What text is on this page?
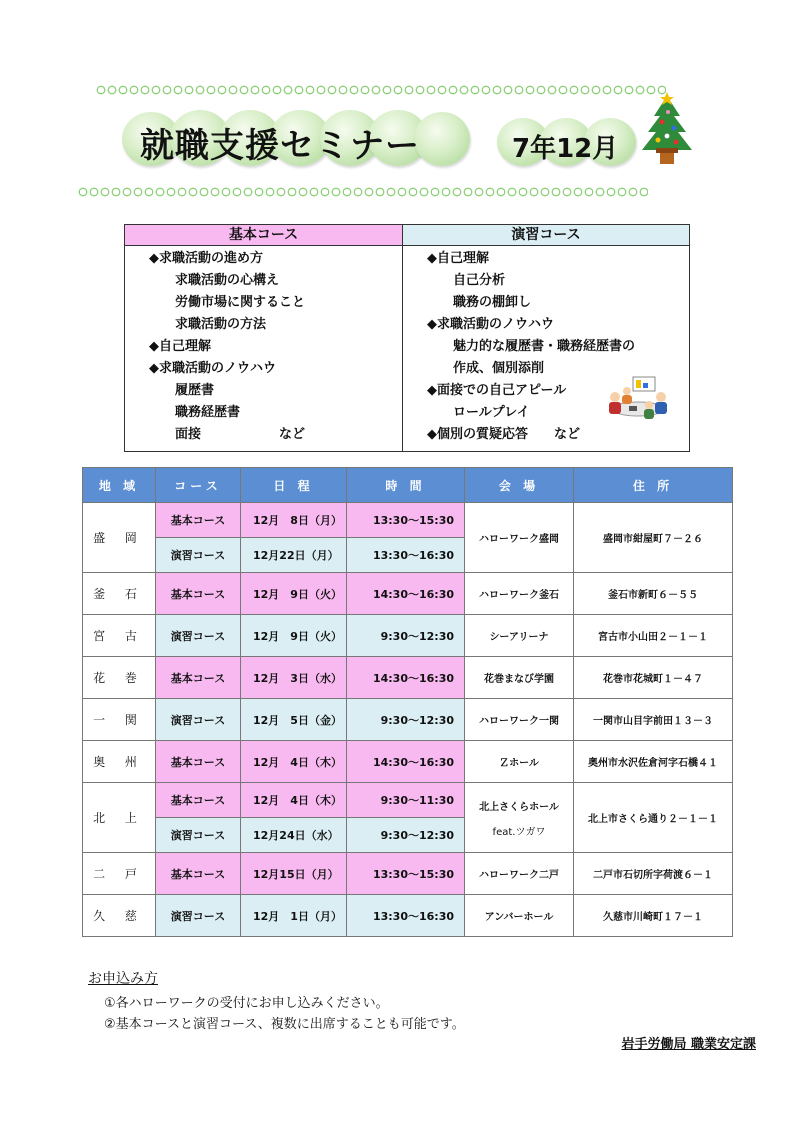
就職支援セミナー	7年12月
基本コース
◆求職活動の進め方
求職活動の心構え
労働市場に関すること
求職活動の方法
◆自己理解
◆求職活動のノウハウ
履歴書
職務経歴書
面接　　　　　　など
演習コース
◆自己理解
自己分析
職務の棚卸し
◆求職活動のノウハウ
魅力的な履歴書・職務経歴書の
作成、個別添削
◆面接での自己アピール
ロールプレイ
◆個別の質疑応答　　など
地 域	コース	日 程	時 間	会 場	住 所
盛 岡	基本コース	12月　8日（月）	13:30～15:30	ハローワーク盛岡	盛岡市紺屋町７－２６
	演習コース	12月22日（月）	13:30～16:30		
釜 石	基本コース	12月　9日（火）	14:30～16:30	ハローワーク釜石	釜石市新町６－５５
宮 古	演習コース	12月　9日（火）	9:30～12:30	シーアリーナ	宮古市小山田２－１－１
花 巻	基本コース	12月　3日（水）	14:30～16:30	花巻まなび学園	花巻市花城町１－４７
一 関	演習コース	12月　5日（金）	9:30～12:30	ハローワーク一関	一関市山目字前田１３－３
奥 州	基本コース	12月　4日（木）	14:30～16:30	Ｚホール	奥州市水沢佐倉河字石橋４１
北 上	基本コース	12月　4日（木）	9:30～11:30	北上さくらホール
feat.ツガワ	北上市さくら通り２－１－１
	演習コース	12月24日（水）	9:30～12:30		
二 戸	基本コース	12月15日（月）	13:30～15:30	ハローワーク二戸	二戸市石切所字荷渡６－１
久 慈	演習コース	12月　1日（月）	13:30～16:30	アンバーホール	久慈市川崎町１７－１
お申込み方
①各ハローワークの受付にお申し込みください。
②基本コースと演習コース、複数に出席することも可能です。
岩手労働局 職業安定課
